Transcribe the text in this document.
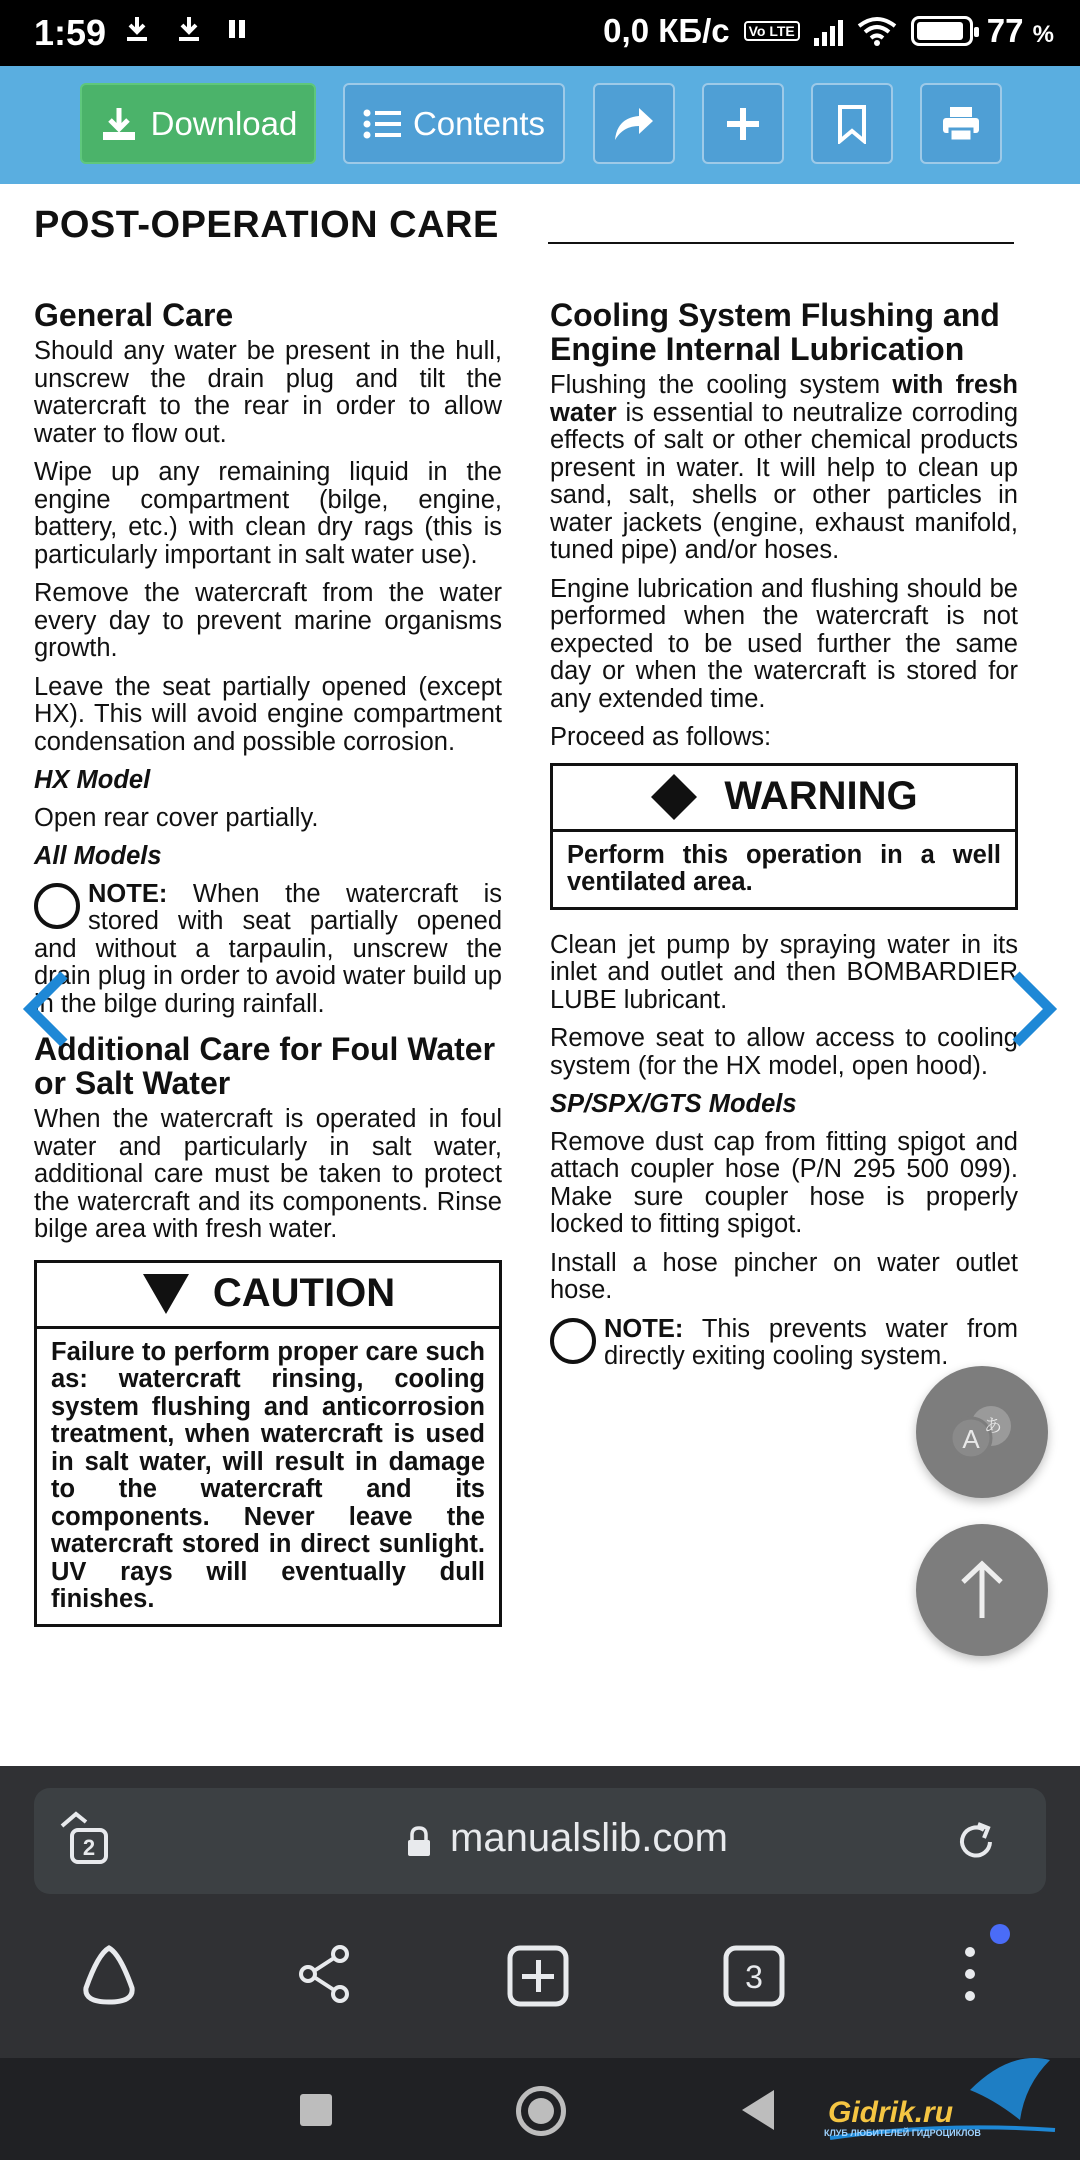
1:59	0,0 КБ/с	Vo LTE	77 %
Download	Contents
POST-OPERATION CARE
General Care

Should any water be present in the hull, unscrew the drain plug and tilt the watercraft to the rear in order to allow water to flow out.

Wipe up any remaining liquid in the engine compartment (bilge, engine, battery, etc.) with clean dry rags (this is particularly important in salt water use).

Remove the watercraft from the water every day to prevent marine organisms growth.

Leave the seat partially opened (except HX). This will avoid engine compartment condensation and possible corrosion.

HX Model

Open rear cover partially.

All Models
NOTE: When the watercraft is stored with seat partially opened and without a tarpaulin, unscrew the drain plug in order to avoid water build up in the bilge during rainfall.
Additional Care for Foul Water or Salt Water

When the watercraft is operated in foul water and particularly in salt water, additional care must be taken to protect the watercraft and its components. Rinse bilge area with fresh water.

CAUTION
Failure to perform proper care such as: watercraft rinsing, cooling system flushing and anticorrosion treatment, when watercraft is used in salt water, will result in damage to the watercraft and its components. Never leave the watercraft stored in direct sunlight. UV rays will eventually dull finishes.
Cooling System Flushing and Engine Internal Lubrication

Flushing the cooling system with fresh water is essential to neutralize corroding effects of salt or other chemical products present in water. It will help to clean up sand, salt, shells or other particles in water jackets (engine, exhaust manifold, tuned pipe) and/or hoses.

Engine lubrication and flushing should be performed when the watercraft is not expected to be used further the same day or when the watercraft is stored for any extended time.

Proceed as follows:

WARNING
Perform this operation in a well ventilated area.

Clean jet pump by spraying water in its inlet and outlet and then BOMBARDIER LUBE lubricant.

Remove seat to allow access to cooling system (for the HX model, open hood).

SP/SPX/GTS Models

Remove dust cap from fitting spigot and attach coupler hose (P/N 295 500 099). Make sure coupler hose is properly locked to fitting spigot.

Install a hose pincher on water outlet hose.

NOTE: This prevents water from directly exiting cooling system.
A あ
2	manualslib.com
3
Gidrik.ru
КЛУБ ЛЮБИТЕЛЕЙ ГИДРОЦИКЛОВ
